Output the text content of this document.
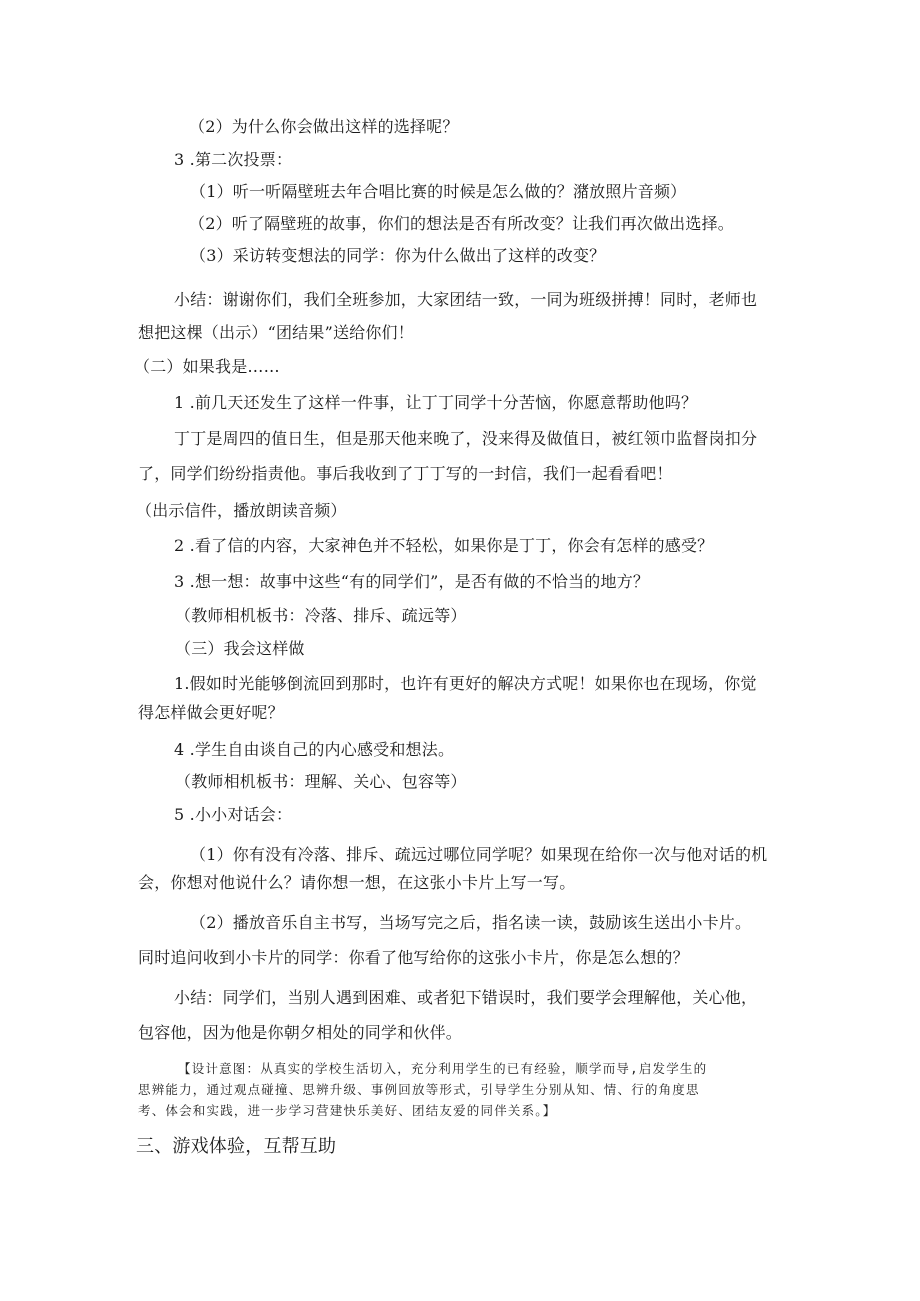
（2）为什么你会做出这样的选择呢？

3 .第二次投票：

（1）听一听隔壁班去年合唱比赛的时候是怎么做的？潴放照片音频）

（2）听了隔壁班的故事，你们的想法是否有所改变？让我们再次做出选择。

（3）采访转变想法的同学：你为什么做出了这样的改变？

小结：谢谢你们，我们全班参加，大家团结一致，一同为班级拼搏！同时，老师也

想把这棵（出示）“团结果”送给你们！

（二）如果我是……

1 .前几天还发生了这样一件事，让丁丁同学十分苦恼，你愿意帮助他吗？

丁丁是周四的值日生，但是那天他来晚了，没来得及做值日，被红领巾监督岗扣分

了，同学们纷纷指责他。事后我收到了丁丁写的一封信，我们一起看看吧！

（出示信件，播放朗读音频）

2 .看了信的内容，大家神色并不轻松，如果你是丁丁，你会有怎样的感受？

3 .想一想：故事中这些“有的同学们”，是否有做的不恰当的地方？

（教师相机板书：冷落、排斥、疏远等）

（三）我会这样做

1.假如时光能够倒流回到那时，也许有更好的解决方式呢！如果你也在现场，你觉

得怎样做会更好呢？

4 .学生自由谈自己的内心感受和想法。

（教师相机板书：理解、关心、包容等）

5 .小小对话会：

（1）你有没有冷落、排斥、疏远过哪位同学呢？如果现在给你一次与他对话的机

会，你想对他说什么？请你想一想，在这张小卡片上写一写。

（2）播放音乐自主书写，当场写完之后，指名读一读，鼓励该生送出小卡片。

同时追问收到小卡片的同学：你看了他写给你的这张小卡片，你是怎么想的？

小结：同学们，当别人遇到困难、或者犯下错误时，我们要学会理解他，关心他，

包容他，因为他是你朝夕相处的同学和伙伴。

【设计意图：从真实的学校生活切入，充分利用学生的已有经验，顺学而导,启发学生的

思辨能力，通过观点碰撞、思辨升级、事例回放等形式，引导学生分别从知、情、行的角度思

考、体会和实践，进一步学习营建快乐美好、团结友爱的同伴关系。】

三、游戏体验，互帮互助
